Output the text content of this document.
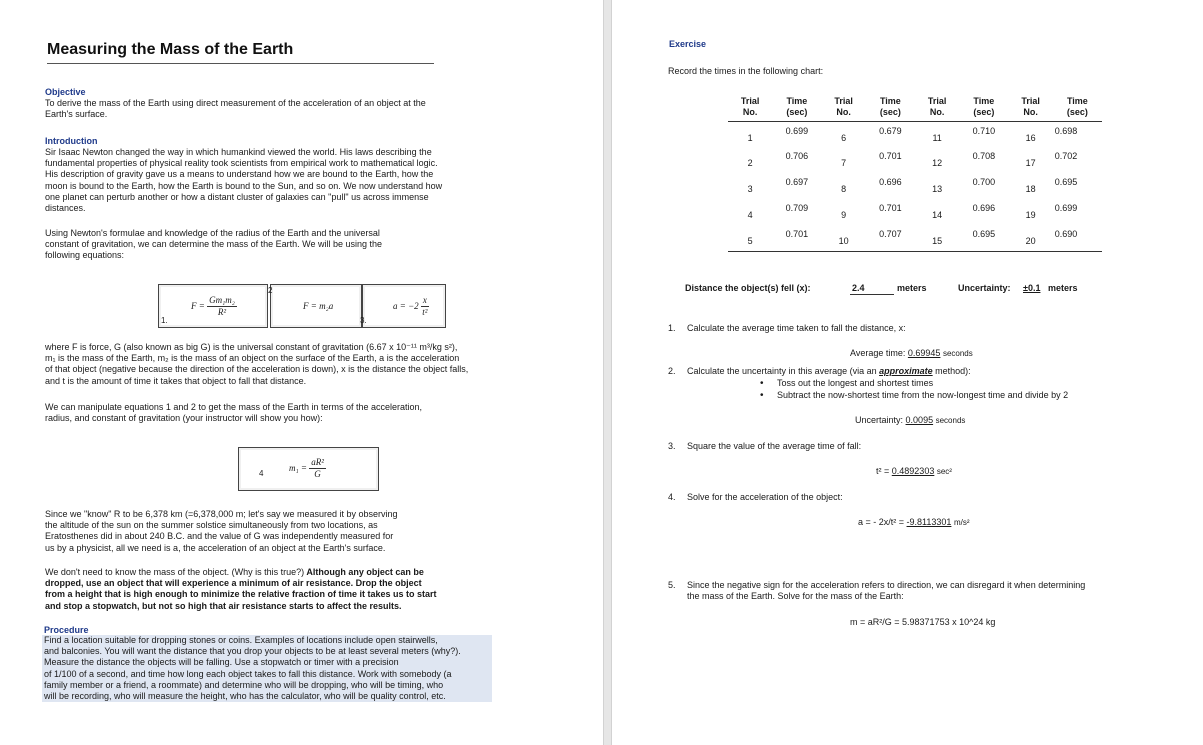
Measuring the Mass of the Earth
Objective
To derive the mass of the Earth using direct measurement of the acceleration of an object at the
Earth's surface.
Introduction
Sir Isaac Newton changed the way in which humankind viewed the world. His laws describing the
fundamental properties of physical reality took scientists from empirical work to mathematical logic.
His description of gravity gave us a means to understand how we are bound to the Earth, how the
moon is bound to the Earth, how the Earth is bound to the Sun, and so on. We now understand how
one planet can perturb another or how a distant cluster of galaxies can "pull" us across immense
distances.
Using Newton's formulae and knowledge of the radius of the Earth and the universal
constant of gravitation, we can determine the mass of the Earth. We will be using the
following equations:
$F = \frac{\text{Gm₁m₂}}{\text{R²}}$
1.
2
F = m₂a
3.
$a = -2 \frac{x}{\text{t²}}$
where F is force, G (also known as big G) is the universal constant of gravitation (6.67 x 10⁻¹¹ m³/kg s²),
m₁ is the mass of the Earth, m₂ is the mass of an object on the surface of the Earth, a is the acceleration
of that object (negative because the direction of the acceleration is down), x is the distance the object falls,
and t is the amount of time it takes that object to fall that distance.
We can manipulate equations 1 and 2 to get the mass of the Earth in terms of the acceleration,
radius, and constant of gravitation (your instructor will show you how):
4
$m_1 = \frac{\text{aR²}}{G}$
Since we "know" R to be 6,378 km (=6,378,000 m; let's say we measured it by observing
the altitude of the sun on the summer solstice simultaneously from two locations, as
Eratosthenes did in about 240 B.C. and the value of G was independently measured for
us by a physicist, all we need is a, the acceleration of an object at the Earth's surface.
We don't need to know the mass of the object. (Why is this true?) Although any object can be
dropped, use an object that will experience a minimum of air resistance. Drop the object
from a height that is high enough to minimize the relative fraction of time it takes us to start
and stop a stopwatch, but not so high that air resistance starts to affect the results.
Procedure
Find a location suitable for dropping stones or coins. Examples of locations include open stairwells,
and balconies. You will want the distance that you drop your objects to be at least several meters (why?).
Measure the distance the objects will be falling. Use a stopwatch or timer with a precision
of 1/100 of a second, and time how long each object takes to fall this distance. Work with somebody (a
family member or a friend, a roommate) and determine who will be dropping, who will be timing, who
will be recording, who will measure the height, who has the calculator, who will be quality control, etc.
Exercise
Record the times in the following chart:
Trial
No.	Time
(sec)	Trial
No.	Time
(sec)	Trial
No.	Time
(sec)	Trial
No.	Time
(sec)
1	0.699	6	0.679	11	0.710	16	0.698
2	0.706	7	0.701	12	0.708	17	0.702
3	0.697	8	0.696	13	0.700	18	0.695
4	0.709	9	0.701	14	0.696	19	0.699
5	0.701	10	0.707	15	0.695	20	0.690
Distance the object(s) fell (x):	2.4	meters	Uncertainty: ±0.1 meters
1. Calculate the average time taken to fall the distance, x:
Average time: 0.69945 seconds
2. Calculate the uncertainty in this average (via an approximate method):
• Toss out the longest and shortest times
• Subtract the now-shortest time from the now-longest time and divide by 2
Uncertainty: 0.0095 seconds
3. Square the value of the average time of fall:
t² = 0.4892303 sec²
4. Solve for the acceleration of the object:
a = - 2x/t² = -9.8113301 m/s²
5. Since the negative sign for the acceleration refers to direction, we can disregard it when determining
the mass of the Earth. Solve for the mass of the Earth:
m = aR²/G = 5.98371753 x 10^24 kg
